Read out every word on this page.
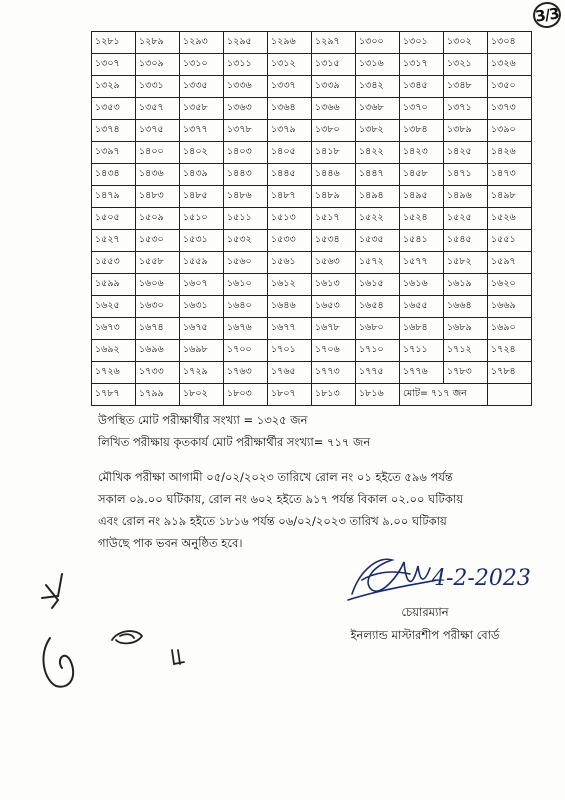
3/3
১২৮১	১২৮৯	১২৯৩	১২৯৫	১২৯৬	১২৯৭	১৩০০	১৩০১	১৩০২	১৩০৪
১৩০৭	১৩০৯	১৩১০	১৩১১	১৩১২	১৩১৫	১৩১৬	১৩১৭	১৩২১	১৩২৬
১৩২৯	১৩৩১	১৩৩৫	১৩৩৬	১৩৩৭	১৩৩৯	১৩৪২	১৩৪৫	১৩৪৮	১৩৫০
১৩৫৩	১৩৫৭	১৩৫৮	১৩৬৩	১৩৬৪	১৩৬৬	১৩৬৮	১৩৭০	১৩৭১	১৩৭৩
১৩৭৪	১৩৭৫	১৩৭৭	১৩৭৮	১৩৭৯	১৩৮০	১৩৮২	১৩৮৪	১৩৮৯	১৩৯০
১৩৯৭	১৪০০	১৪০২	১৪০৩	১৪০৫	১৪১৮	১৪২২	১৪২৩	১৪২৫	১৪২৬
১৪৩৪	১৪৩৬	১৪৩৯	১৪৪৩	১৪৪৫	১৪৪৬	১৪৪৭	১৪৫৮	১৪৭১	১৪৭৩
১৪৭৯	১৪৮৩	১৪৮৫	১৪৮৬	১৪৮৭	১৪৮৯	১৪৯৪	১৪৯৫	১৪৯৬	১৪৯৮
১৫০৫	১৫০৯	১৫১০	১৫১১	১৫১৩	১৫১৭	১৫২২	১৫২৪	১৫২৫	১৫২৬
১৫২৭	১৫৩০	১৫৩১	১৫৩২	১৫৩৩	১৫৩৪	১৫৩৫	১৫৪১	১৫৪৫	১৫৫১
১৫৫৩	১৫৫৮	১৫৫৯	১৫৬০	১৫৬১	১৫৬৩	১৫৭২	১৫৭৭	১৫৮২	১৫৯৭
১৫৯৯	১৬০৬	১৬০৭	১৬১০	১৬১২	১৬১৩	১৬১৫	১৬১৬	১৬১৯	১৬২০
১৬২৫	১৬৩০	১৬৩১	১৬৪০	১৬৪৬	১৬৫৩	১৬৫৪	১৬৫৫	১৬৬৪	১৬৬৯
১৬৭৩	১৬৭৪	১৬৭৫	১৬৭৬	১৬৭৭	১৬৭৮	১৬৮০	১৬৮৪	১৬৮৯	১৬৯০
১৬৯২	১৬৯৬	১৬৯৮	১৭০০	১৭০১	১৭০৬	১৭১০	১৭১১	১৭১২	১৭২৪
১৭২৬	১৭৩৩	১৭২৯	১৭৬৩	১৭৬৫	১৭৭৩	১৭৭৫	১৭৭৬	১৭৮৩	১৭৮৪
১৭৮৭	১৭৯৯	১৮০২	১৮০৩	১৮০৭	১৮১৩	১৮১৬	মোট= ৭১৭ জন		
উপস্থিত মোট পরীক্ষার্থীর সংখ্যা = ১৩২৫ জন
লিখিত পরীক্ষায় কৃতকার্য মোট পরীক্ষার্থীর সংখ্যা= ৭১৭ জন
মৌখিক পরীক্ষা আগামী ০৫/০২/২০২৩ তারিখে রোল নং ০১ হইতে ৫৯৬ পর্যন্ত
সকাল ০৯.০০ ঘটিকায়, রোল নং ৬০২ হইতে ৯১৭ পর্যন্ত বিকাল ০২.০০ ঘটিকায়
এবং রোল নং ৯১৯ হইতে ১৮১৬ পর্যন্ত ০৬/০২/২০২৩ তারিখ ৯.০০ ঘটিকায়
গাউছে পাক ভবন অনুষ্ঠিত হবে।
4-2-2023
চেয়ারম্যান
ইনল্যান্ড মাস্টারশীপ পরীক্ষা বোর্ড
